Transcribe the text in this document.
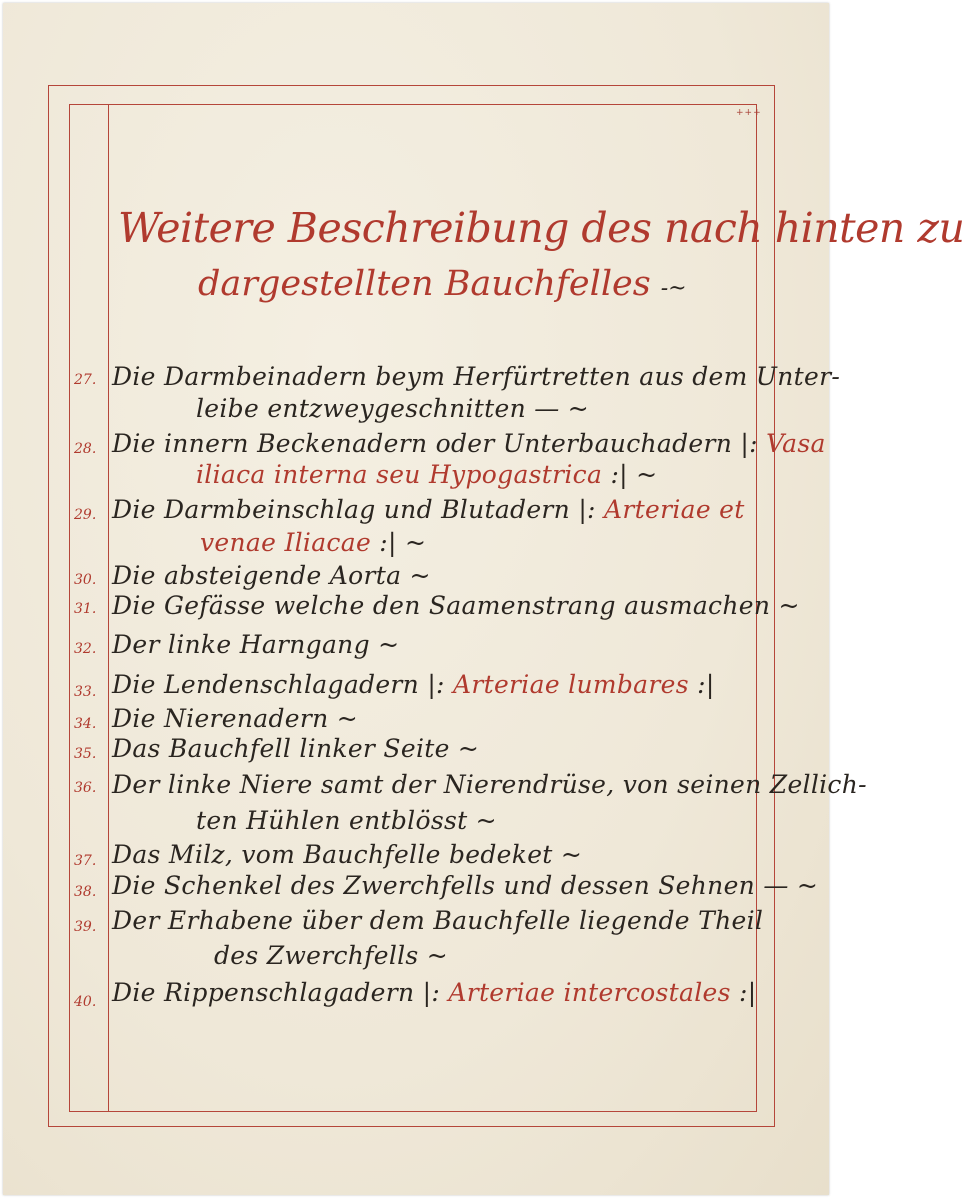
+++
Weitere Beschreibung des nach hinten zu
dargestellten Bauchfelles -~
27. Die Darmbeinadern beym Herfürtretten aus dem Unter-
leibe entzweygeschnitten — ~
28. Die innern Beckenadern oder Unterbauchadern |: Vasa
iliaca interna seu Hypogastrica :| ~
29. Die Darmbeinschlag und Blutadern |: Arteriae et
venae Iliacae :| ~
30. Die absteigende Aorta ~
31. Die Gefässe welche den Saamenstrang ausmachen ~
32. Der linke Harngang ~
33. Die Lendenschlagadern |: Arteriae lumbares :|
34. Die Nierenadern ~
35. Das Bauchfell linker Seite ~
36. Der linke Niere samt der Nierendrüse, von seinen Zellich-
ten Hühlen entblösst ~
37. Das Milz, vom Bauchfelle bedeket ~
38. Die Schenkel des Zwerchfells und dessen Sehnen — ~
39. Der Erhabene über dem Bauchfelle liegende Theil
des Zwerchfells ~
40. Die Rippenschlagadern |: Arteriae intercostales :|
